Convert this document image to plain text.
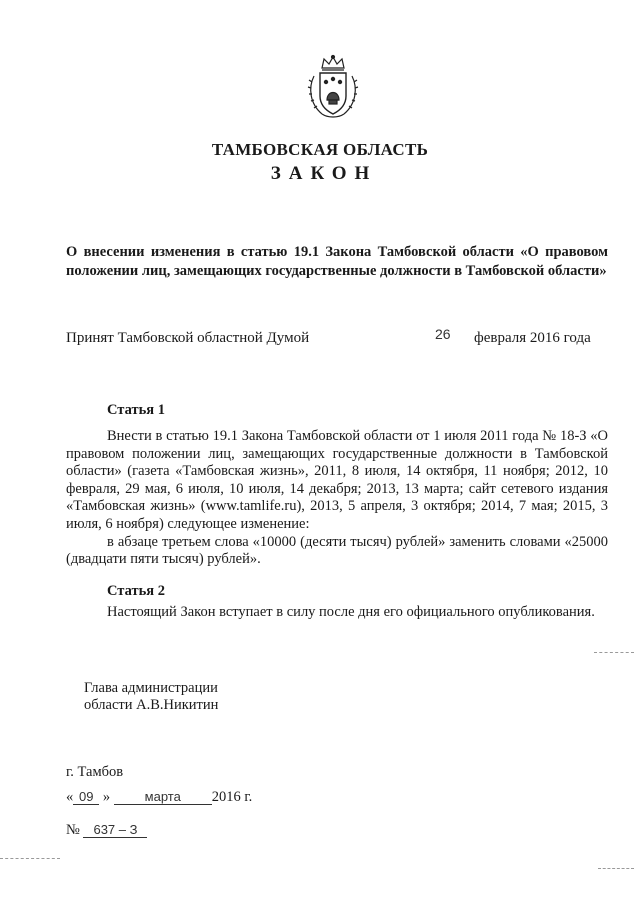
ТАМБОВСКАЯ ОБЛАСТЬ
ЗАКОН
О внесении изменения в статью 19.1 Закона Тамбовской области «О правовом положении лиц, замещающих государственные должности в Тамбовской области»
Принят Тамбовской областной Думой	26 февраля 2016 года
Статья 1

Внести в статью 19.1 Закона Тамбовской области от 1 июля 2011 года № 18-З «О правовом положении лиц, замещающих государственные должности в Тамбовской области» (газета «Тамбовская жизнь», 2011, 8 июля, 14 октября, 11 ноября; 2012, 10 февраля, 29 мая, 6 июля, 10 июля, 14 декабря; 2013, 13 марта; сайт сетевого издания «Тамбовская жизнь» (www.tamlife.ru), 2013, 5 апреля, 3 октября; 2014, 7 мая; 2015, 3 июля, 6 ноября) следующее изменение:

в абзаце третьем слова «10000 (десяти тысяч) рублей» заменить словами «25000 (двадцати пяти тысяч) рублей».

Статья 2

Настоящий Закон вступает в силу после дня его официального опубликования.

Глава администрации
области А.В.Никитин
г. Тамбов
« 09 »	марта 2016 г.
№ 637 – З
